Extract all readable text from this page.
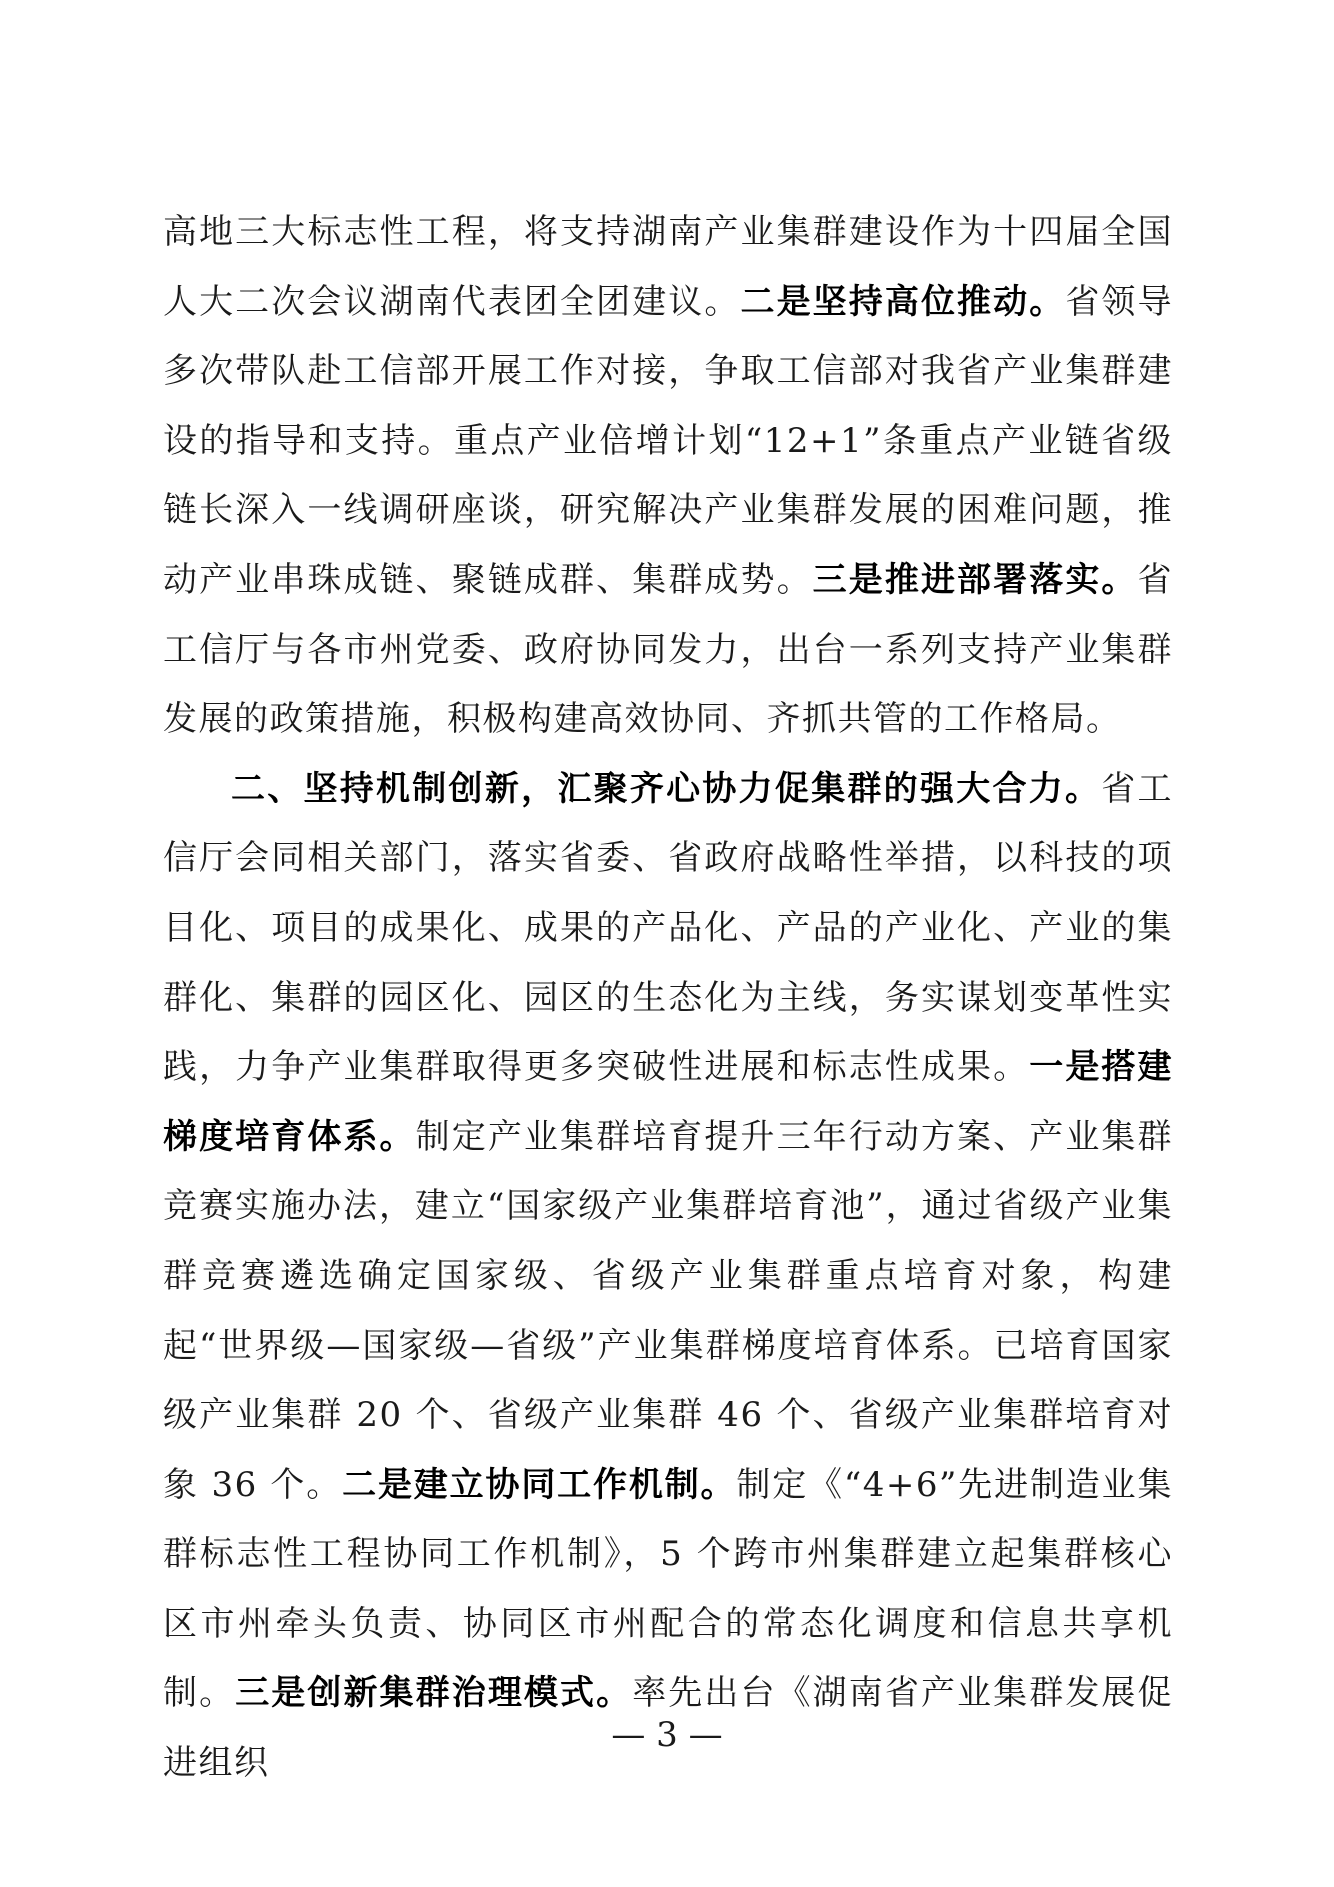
高地三大标志性工程，将支持湖南产业集群建设作为十四届全国人大二次会议湖南代表团全团建议。二是坚持高位推动。省领导多次带队赴工信部开展工作对接，争取工信部对我省产业集群建设的指导和支持。重点产业倍增计划“12+1”条重点产业链省级链长深入一线调研座谈，研究解决产业集群发展的困难问题，推动产业串珠成链、聚链成群、集群成势。三是推进部署落实。省工信厅与各市州党委、政府协同发力，出台一系列支持产业集群发展的政策措施，积极构建高效协同、齐抓共管的工作格局。

二、坚持机制创新，汇聚齐心协力促集群的强大合力。省工信厅会同相关部门，落实省委、省政府战略性举措，以科技的项目化、项目的成果化、成果的产品化、产品的产业化、产业的集群化、集群的园区化、园区的生态化为主线，务实谋划变革性实践，力争产业集群取得更多突破性进展和标志性成果。一是搭建梯度培育体系。制定产业集群培育提升三年行动方案、产业集群竞赛实施办法，建立“国家级产业集群培育池”，通过省级产业集群竞赛遴选确定国家级、省级产业集群重点培育对象，构建起“世界级—国家级—省级”产业集群梯度培育体系。已培育国家级产业集群 20 个、省级产业集群 46 个、省级产业集群培育对象 36 个。二是建立协同工作机制。制定《“4+6”先进制造业集群标志性工程协同工作机制》，5 个跨市州集群建立起集群核心区市州牵头负责、协同区市州配合的常态化调度和信息共享机制。三是创新集群治理模式。率先出台《湖南省产业集群发展促进组织

— 3 —
